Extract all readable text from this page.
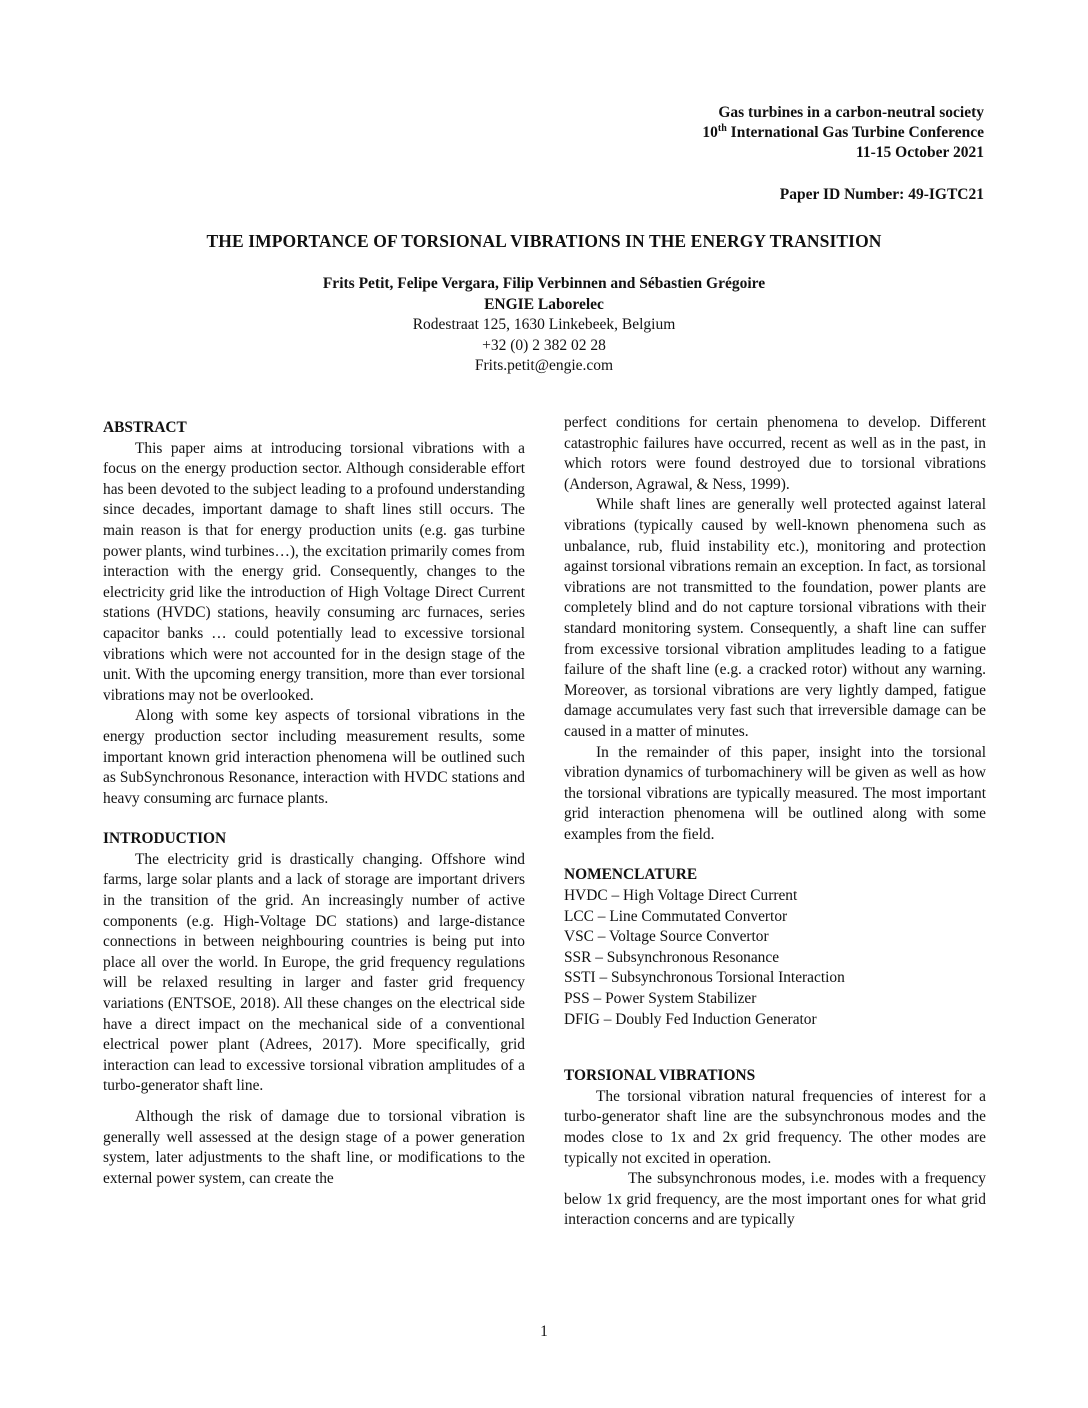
Gas turbines in a carbon-neutral society
10th International Gas Turbine Conference
11-15 October 2021
Paper ID Number: 49-IGTC21
THE IMPORTANCE OF TORSIONAL VIBRATIONS IN THE ENERGY TRANSITION
Frits Petit, Felipe Vergara, Filip Verbinnen and Sébastien Grégoire
ENGIE Laborelec
Rodestraat 125, 1630 Linkebeek, Belgium
+32 (0) 2 382 02 28
Frits.petit@engie.com

ABSTRACT

This paper aims at introducing torsional vibrations with a focus on the energy production sector. Although considerable effort has been devoted to the subject leading to a profound understanding since decades, important damage to shaft lines still occurs. The main reason is that for energy production units (e.g. gas turbine power plants, wind turbines…), the excitation primarily comes from interaction with the energy grid. Consequently, changes to the electricity grid like the introduction of High Voltage Direct Current stations (HVDC) stations, heavily consuming arc furnaces, series capacitor banks … could potentially lead to excessive torsional vibrations which were not accounted for in the design stage of the unit. With the upcoming energy transition, more than ever torsional vibrations may not be overlooked.

Along with some key aspects of torsional vibrations in the energy production sector including measurement results, some important known grid interaction phenomena will be outlined such as SubSynchronous Resonance, interaction with HVDC stations and heavy consuming arc furnace plants.

INTRODUCTION

The electricity grid is drastically changing. Offshore wind farms, large solar plants and a lack of storage are important drivers in the transition of the grid. An increasingly number of active components (e.g. High-Voltage DC stations) and large-distance connections in between neighbouring countries is being put into place all over the world. In Europe, the grid frequency regulations will be relaxed resulting in larger and faster grid frequency variations (ENTSOE, 2018). All these changes on the electrical side have a direct impact on the mechanical side of a conventional electrical power plant (Adrees, 2017). More specifically, grid interaction can lead to excessive torsional vibration amplitudes of a turbo-generator shaft line.

Although the risk of damage due to torsional vibration is generally well assessed at the design stage of a power generation system, later adjustments to the shaft line, or modifications to the external power system, can create the

perfect conditions for certain phenomena to develop. Different catastrophic failures have occurred, recent as well as in the past, in which rotors were found destroyed due to torsional vibrations (Anderson, Agrawal, & Ness, 1999).

While shaft lines are generally well protected against lateral vibrations (typically caused by well-known phenomena such as unbalance, rub, fluid instability etc.), monitoring and protection against torsional vibrations remain an exception. In fact, as torsional vibrations are not transmitted to the foundation, power plants are completely blind and do not capture torsional vibrations with their standard monitoring system. Consequently, a shaft line can suffer from excessive torsional vibration amplitudes leading to a fatigue failure of the shaft line (e.g. a cracked rotor) without any warning. Moreover, as torsional vibrations are very lightly damped, fatigue damage accumulates very fast such that irreversible damage can be caused in a matter of minutes.

In the remainder of this paper, insight into the torsional vibration dynamics of turbomachinery will be given as well as how the torsional vibrations are typically measured. The most important grid interaction phenomena will be outlined along with some examples from the field.

NOMENCLATURE

HVDC – High Voltage Direct Current
LCC – Line Commutated Convertor
VSC – Voltage Source Convertor
SSR – Subsynchronous Resonance
SSTI – Subsynchronous Torsional Interaction
PSS – Power System Stabilizer
DFIG – Doubly Fed Induction Generator

TORSIONAL VIBRATIONS

The torsional vibration natural frequencies of interest for a turbo-generator shaft line are the subsynchronous modes and the modes close to 1x and 2x grid frequency. The other modes are typically not excited in operation.

The subsynchronous modes, i.e. modes with a frequency below 1x grid frequency, are the most important ones for what grid interaction concerns and are typically

1
